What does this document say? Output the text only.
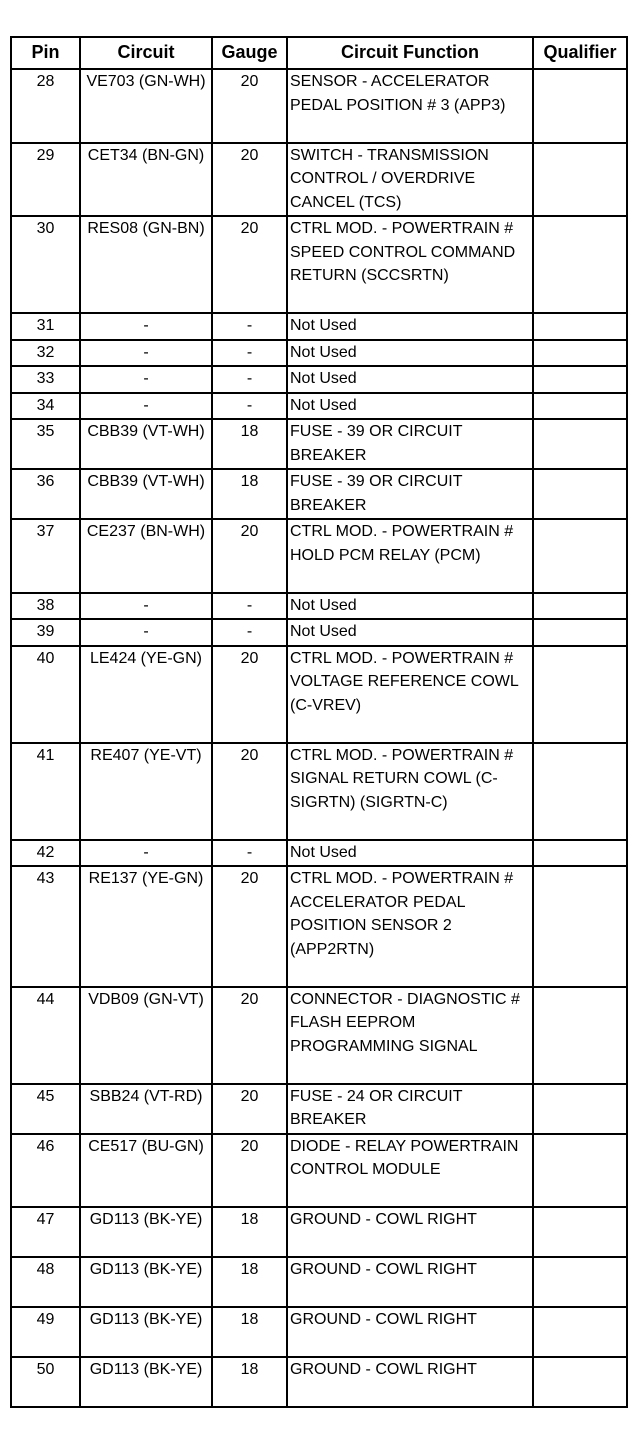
Pin	Circuit	Gauge	Circuit Function	Qualifier
28	VE703 (GN-WH)	20	SENSOR - ACCELERATOR PEDAL POSITION # 3 (APP3)	
29	CET34 (BN-GN)	20	SWITCH - TRANSMISSION CONTROL / OVERDRIVE CANCEL (TCS)	
30	RES08 (GN-BN)	20	CTRL MOD. - POWERTRAIN # SPEED CONTROL COMMAND RETURN (SCCSRTN)	
31	-	-	Not Used	
32	-	-	Not Used	
33	-	-	Not Used	
34	-	-	Not Used	
35	CBB39 (VT-WH)	18	FUSE - 39 OR CIRCUIT BREAKER	
36	CBB39 (VT-WH)	18	FUSE - 39 OR CIRCUIT BREAKER	
37	CE237 (BN-WH)	20	CTRL MOD. - POWERTRAIN # HOLD PCM RELAY (PCM)	
38	-	-	Not Used	
39	-	-	Not Used	
40	LE424 (YE-GN)	20	CTRL MOD. - POWERTRAIN # VOLTAGE REFERENCE COWL (C-VREV)	
41	RE407 (YE-VT)	20	CTRL MOD. - POWERTRAIN # SIGNAL RETURN COWL (C-SIGRTN) (SIGRTN-C)	
42	-	-	Not Used	
43	RE137 (YE-GN)	20	CTRL MOD. - POWERTRAIN # ACCELERATOR PEDAL POSITION SENSOR 2 (APP2RTN)	
44	VDB09 (GN-VT)	20	CONNECTOR - DIAGNOSTIC # FLASH EEPROM PROGRAMMING SIGNAL	
45	SBB24 (VT-RD)	20	FUSE - 24 OR CIRCUIT BREAKER	
46	CE517 (BU-GN)	20	DIODE - RELAY POWERTRAIN CONTROL MODULE	
47	GD113 (BK-YE)	18	GROUND - COWL RIGHT	
48	GD113 (BK-YE)	18	GROUND - COWL RIGHT	
49	GD113 (BK-YE)	18	GROUND - COWL RIGHT	
50	GD113 (BK-YE)	18	GROUND - COWL RIGHT	
